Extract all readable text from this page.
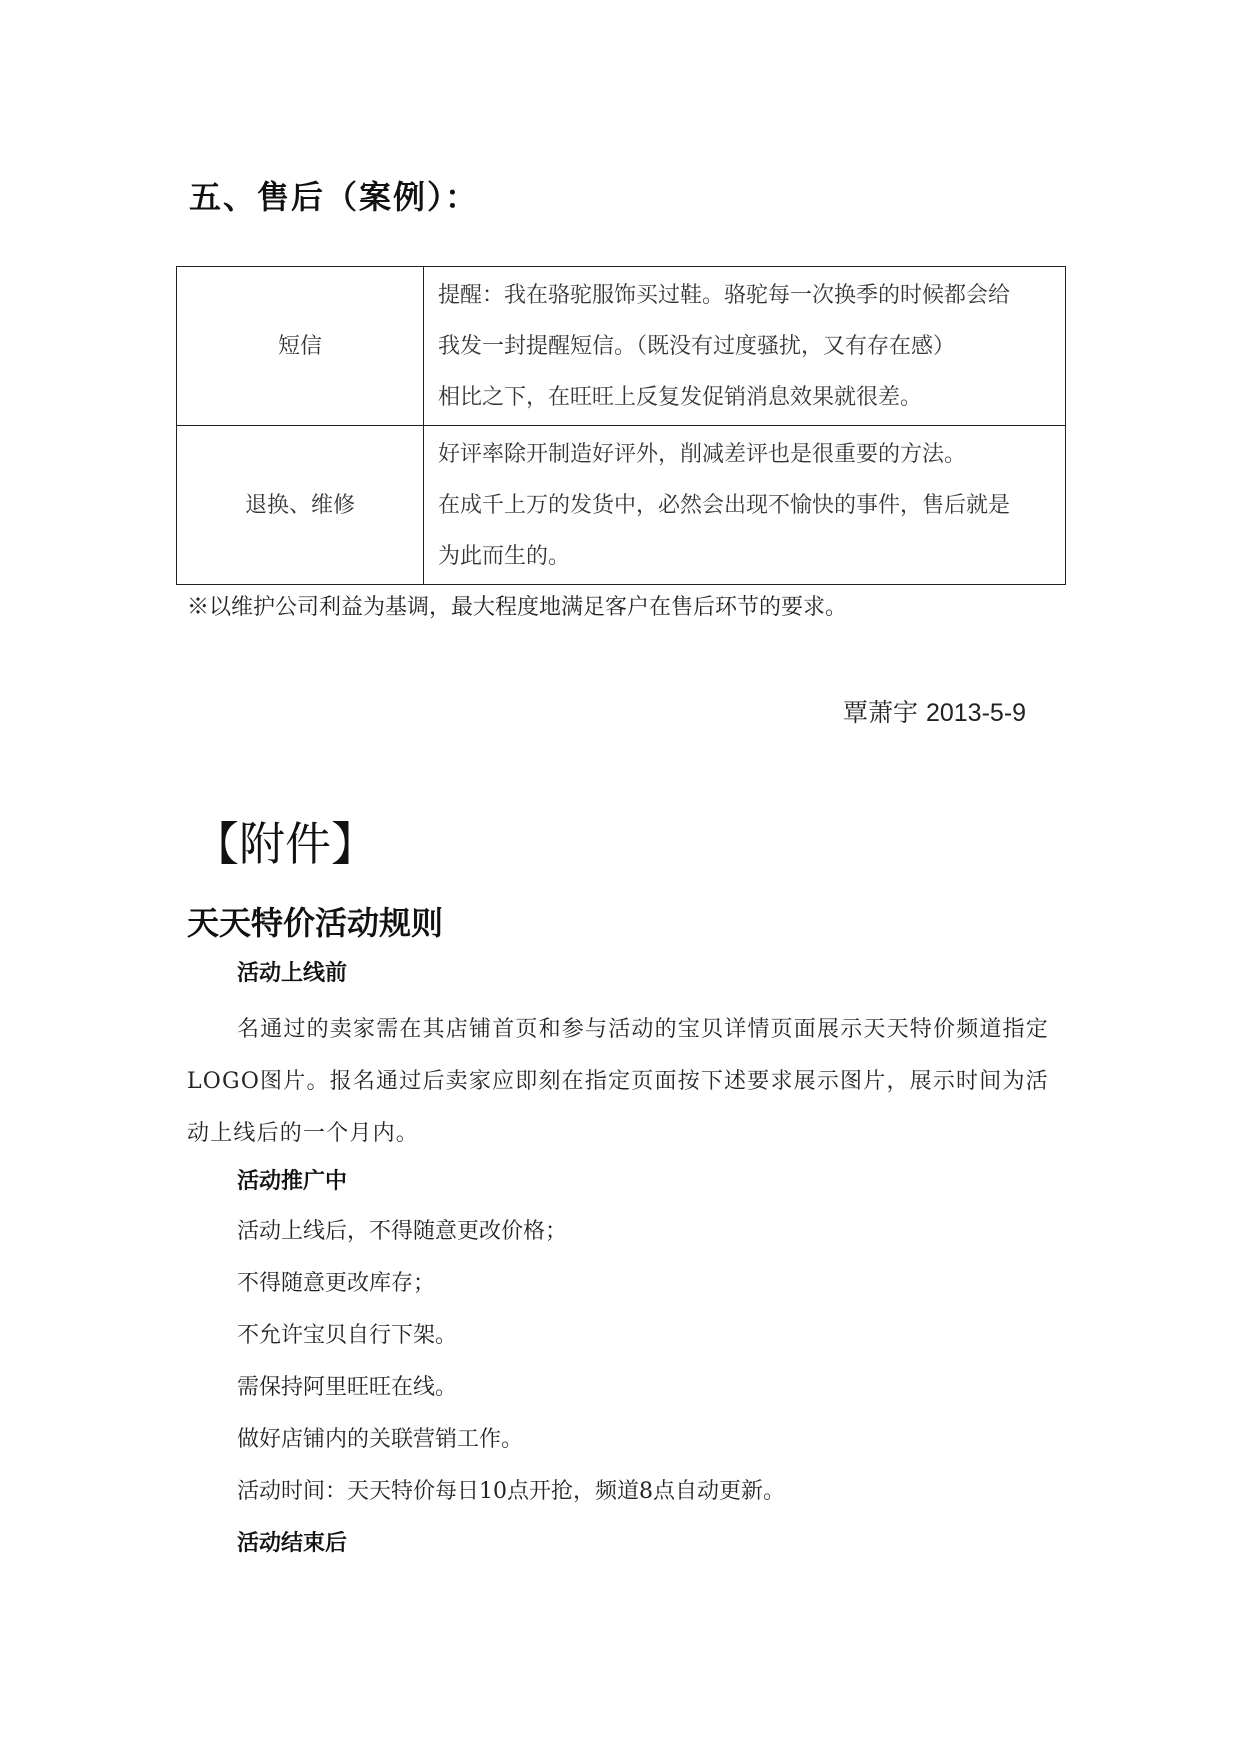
五、售后（案例）：
短信	提醒：我在骆驼服饰买过鞋。骆驼每一次换季的时候都会给
我发一封提醒短信。（既没有过度骚扰，又有存在感）
相比之下，在旺旺上反复发促销消息效果就很差。

退换、维修	好评率除开制造好评外，削减差评也是很重要的方法。
在成千上万的发货中，必然会出现不愉快的事件，售后就是
为此而生的。
※以维护公司利益为基调，最大程度地满足客户在售后环节的要求。
覃萧宇 2013-5-9
【附件】
天天特价活动规则
活动上线前
名通过的卖家需在其店铺首页和参与活动的宝贝详情页面展示天天特价频道指定LOGO图片。报名通过后卖家应即刻在指定页面按下述要求展示图片，展示时间为活动上线后的一个月内。
活动推广中
活动上线后，不得随意更改价格；
不得随意更改库存；
不允许宝贝自行下架。
需保持阿里旺旺在线。
做好店铺内的关联营销工作。
活动时间：天天特价每日10点开抢，频道8点自动更新。
活动结束后
